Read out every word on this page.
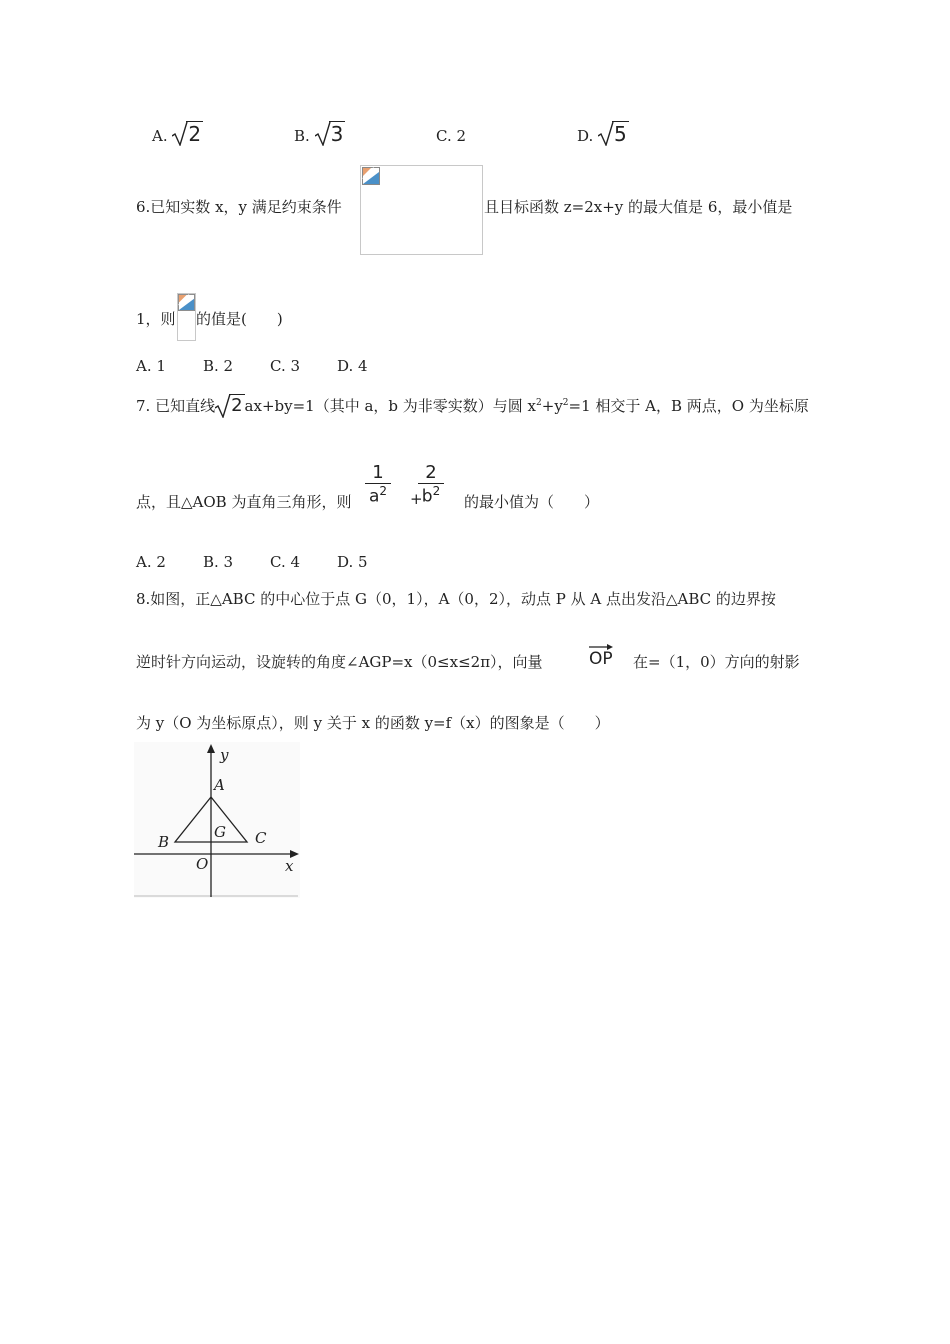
A. 2	B. 3	C. 2	D. 5
6.已知实数 x，y 满足约束条件	且目标函数 z=2x+y 的最大值是 6，最小值是
1，则 的值是(　　)
A. 1 B. 2 C. 3 D. 4
7. 已知直线 2 ax+by=1（其中 a，b 为非零实数）与圆 $x^2+y^2=1$ 相交于 A，B 两点，O 为坐标原
点，且△AOB 为直角三角形，则
1
$a^2$ +
2
$b^2$
的最小值为（　　）
A. 2 B. 3 C. 4 D. 5
8.如图，正△ABC 的中心位于点 G（0，1），A（0，2），动点 P 从 A 点出发沿△ABC 的边界按
逆时针方向运动，设旋转的角度∠AGP=x（0≤x≤2π），向量	OP 在=（1，0）方向的射影
为 y（O 为坐标原点），则 y 关于 x 的函数 y=f（x）的图象是（　　）
y
x
A
B	C
G
O
